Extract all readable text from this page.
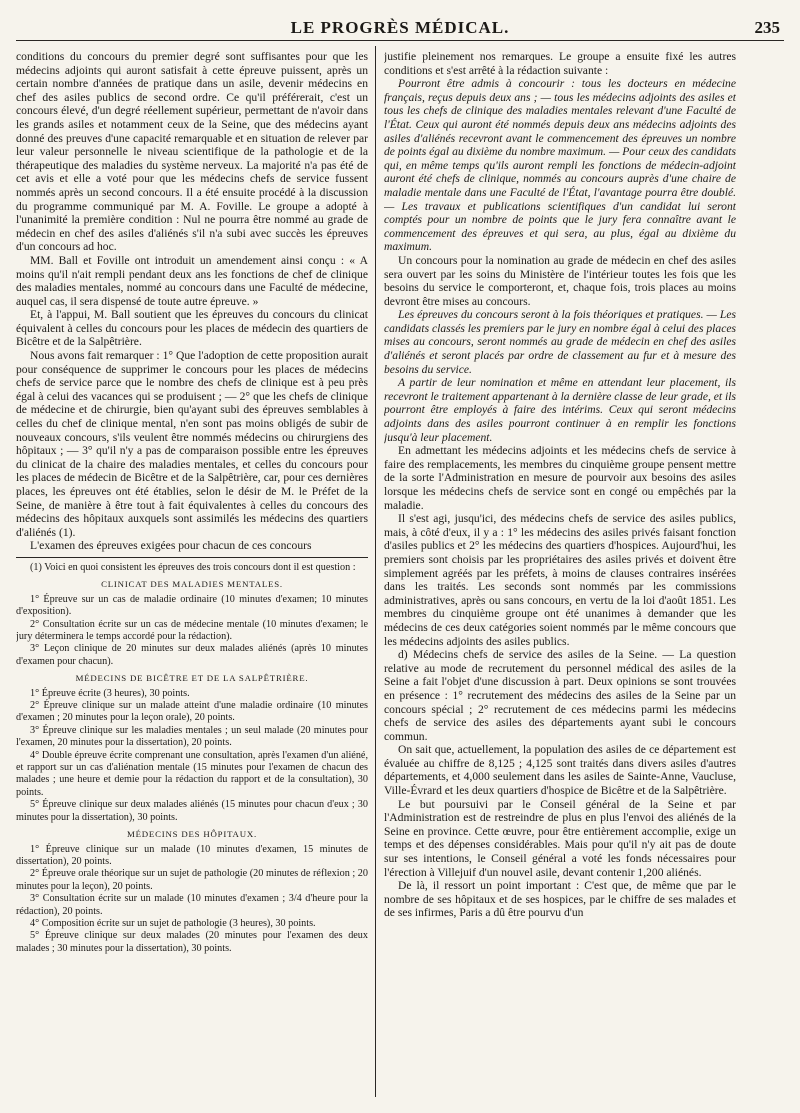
LE PROGRÈS MÉDICAL.	235

conditions du concours du premier degré sont suffisantes pour que les médecins adjoints qui auront satisfait à cette épreuve puissent, après un certain nombre d'années de pratique dans un asile, devenir médecins en chef des asiles publics de second ordre. Ce qu'il préférerait, c'est un concours élevé, d'un degré réellement supérieur, permettant de n'avoir dans les grands asiles et notamment ceux de la Seine, que des médecins ayant donné des preuves d'une capacité remarquable et en situation de relever par leur valeur personnelle le niveau scientifique de la pathologie et de la thérapeutique des maladies du système nerveux. La majorité n'a pas été de cet avis et elle a voté pour que les médecins chefs de service fussent nommés après un second concours. Il a été ensuite procédé à la discussion du programme communiqué par M. A. Foville. Le groupe a adopté à l'unanimité la première condition : Nul ne pourra être nommé au grade de médecin en chef des asiles d'aliénés s'il n'a subi avec succès les épreuves d'un concours ad hoc.

MM. Ball et Foville ont introduit un amendement ainsi conçu : « A moins qu'il n'ait rempli pendant deux ans les fonctions de chef de clinique des maladies mentales, nommé au concours dans une Faculté de médecine, auquel cas, il sera dispensé de toute autre épreuve. »

Et, à l'appui, M. Ball soutient que les épreuves du concours du clinicat équivalent à celles du concours pour les places de médecin des quartiers de Bicêtre et de la Salpêtrière.

Nous avons fait remarquer : 1° Que l'adoption de cette proposition aurait pour conséquence de supprimer le concours pour les places de médecins chefs de service parce que le nombre des chefs de clinique est à peu près égal à celui des vacances qui se produisent ; — 2° que les chefs de clinique de médecine et de chirurgie, bien qu'ayant subi des épreuves semblables à celles du chef de clinique mental, n'en sont pas moins obligés de subir de nouveaux concours, s'ils veulent être nommés médecins ou chirurgiens des hôpitaux ; — 3° qu'il n'y a pas de comparaison possible entre les épreuves du clinicat de la chaire des maladies mentales, et celles du concours pour les places de médecin de Bicêtre et de la Salpêtrière, car, pour ces dernières places, les épreuves ont été établies, selon le désir de M. le Préfet de la Seine, de manière à être tout à fait équivalentes à celles du concours des médecins des hôpitaux auxquels sont assimilés les médecins des quartiers d'aliénés (1).

L'examen des épreuves exigées pour chacun de ces concours

(1) Voici en quoi consistent les épreuves des trois concours dont il est question :

CLINICAT DES MALADIES MENTALES.

1° Épreuve sur un cas de maladie ordinaire (10 minutes d'examen; 10 minutes d'exposition).

2° Consultation écrite sur un cas de médecine mentale (10 minutes d'examen; le jury déterminera le temps accordé pour la rédaction).

3° Leçon clinique de 20 minutes sur deux malades aliénés (après 10 minutes d'examen pour chacun).

MÉDECINS DE BICÊTRE ET DE LA SALPÊTRIÈRE.

1° Épreuve écrite (3 heures), 30 points.

2° Épreuve clinique sur un malade atteint d'une maladie ordinaire (10 minutes d'examen ; 20 minutes pour la leçon orale), 20 points.

3° Épreuve clinique sur les maladies mentales ; un seul malade (20 minutes pour l'examen, 20 minutes pour la dissertation), 20 points.

4° Double épreuve écrite comprenant une consultation, après l'examen d'un aliéné, et rapport sur un cas d'aliénation mentale (15 minutes pour l'examen de chacun des malades ; une heure et demie pour la rédaction du rapport et de la consultation), 30 points.

5° Épreuve clinique sur deux malades aliénés (15 minutes pour chacun d'eux ; 30 minutes pour la dissertation), 30 points.

MÉDECINS DES HÔPITAUX.

1° Épreuve clinique sur un malade (10 minutes d'examen, 15 minutes de dissertation), 20 points.

2° Épreuve orale théorique sur un sujet de pathologie (20 minutes de réflexion ; 20 minutes pour la leçon), 20 points.

3° Consultation écrite sur un malade (10 minutes d'examen ; 3/4 d'heure pour la rédaction), 20 points.

4° Composition écrite sur un sujet de pathologie (3 heures), 30 points.

5° Épreuve clinique sur deux malades (20 minutes pour l'examen des deux malades ; 30 minutes pour la dissertation), 30 points.

justifie pleinement nos remarques. Le groupe a ensuite fixé les autres conditions et s'est arrêté à la rédaction suivante :

Pourront être admis à concourir : tous les docteurs en médecine français, reçus depuis deux ans ; — tous les médecins adjoints des asiles et tous les chefs de clinique des maladies mentales relevant d'une Faculté de l'État. Ceux qui auront été nommés depuis deux ans médecins adjoints des asiles d'aliénés recevront avant le commencement des épreuves un nombre de points égal au dixième du nombre maximum. — Pour ceux des candidats qui, en même temps qu'ils auront rempli les fonctions de médecin-adjoint auront été chefs de clinique, nommés au concours auprès d'une chaire de maladie mentale dans une Faculté de l'État, l'avantage pourra être doublé. — Les travaux et publications scientifiques d'un candidat lui seront comptés pour un nombre de points que le jury fera connaître avant le commencement des épreuves et qui sera, au plus, égal au dixième du maximum.

Un concours pour la nomination au grade de médecin en chef des asiles sera ouvert par les soins du Ministère de l'intérieur toutes les fois que les besoins du service le comporteront, et, chaque fois, trois places au moins devront être mises au concours.

Les épreuves du concours seront à la fois théoriques et pratiques. — Les candidats classés les premiers par le jury en nombre égal à celui des places mises au concours, seront nommés au grade de médecin en chef des asiles d'aliénés et seront placés par ordre de classement au fur et à mesure des besoins du service.

A partir de leur nomination et même en attendant leur placement, ils recevront le traitement appartenant à la dernière classe de leur grade, et ils pourront être employés à faire des intérims. Ceux qui seront médecins adjoints dans des asiles pourront continuer à en remplir les fonctions jusqu'à leur placement.

En admettant les médecins adjoints et les médecins chefs de service à faire des remplacements, les membres du cinquième groupe pensent mettre de la sorte l'Administration en mesure de pourvoir aux besoins des asiles lorsque les médecins chefs de service sont en congé ou empêchés par la maladie.

Il s'est agi, jusqu'ici, des médecins chefs de service des asiles publics, mais, à côté d'eux, il y a : 1° les médecins des asiles privés faisant fonction d'asiles publics et 2° les médecins des quartiers d'hospices. Aujourd'hui, les premiers sont choisis par les propriétaires des asiles privés et doivent être simplement agréés par les préfets, à moins de clauses contraires insérées dans les traités. Les seconds sont nommés par les commissions administratives, après ou sans concours, en vertu de la loi d'août 1851. Les membres du cinquième groupe ont été unanimes à demander que les médecins de ces deux catégories soient nommés par le même concours que les médecins adjoints des asiles publics.

d) Médecins chefs de service des asiles de la Seine. — La question relative au mode de recrutement du personnel médical des asiles de la Seine a fait l'objet d'une discussion à part. Deux opinions se sont trouvées en présence : 1° recrutement des médecins des asiles de la Seine par un concours spécial ; 2° recrutement de ces médecins parmi les médecins chefs de service des asiles des départements ayant subi le concours commun.

On sait que, actuellement, la population des asiles de ce département est évaluée au chiffre de 8,125 ; 4,125 sont traités dans divers asiles d'autres départements, et 4,000 seulement dans les asiles de Sainte-Anne, Vaucluse, Ville-Évrard et les deux quartiers d'hospice de Bicêtre et de la Salpêtrière.

Le but poursuivi par le Conseil général de la Seine et par l'Administration est de restreindre de plus en plus l'envoi des aliénés de la Seine en province. Cette œuvre, pour être entièrement accomplie, exige un temps et des dépenses considérables. Mais pour qu'il n'y ait pas de doute sur ses intentions, le Conseil général a voté les fonds nécessaires pour l'érection à Villejuif d'un nouvel asile, devant contenir 1,200 aliénés.

De là, il ressort un point important : C'est que, de même que par le nombre de ses hôpitaux et de ses hospices, par le chiffre de ses malades et de ses infirmes, Paris a dû être pourvu d'un
